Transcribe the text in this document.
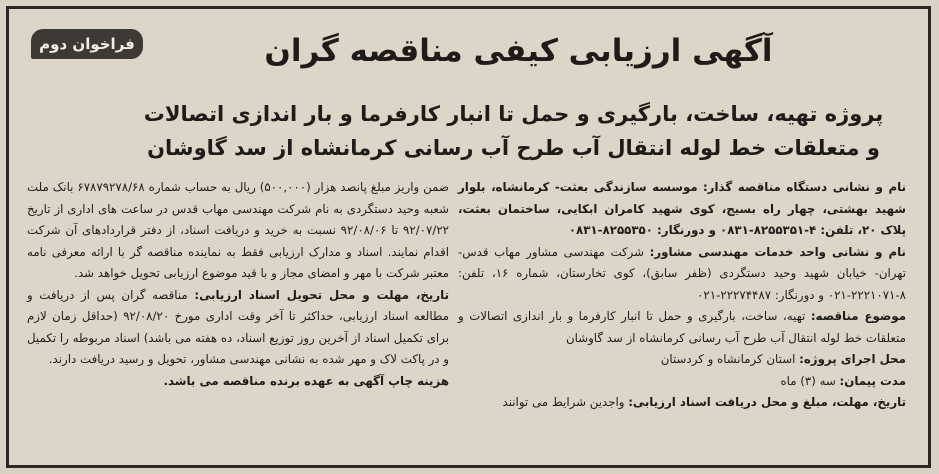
فراخوان دوم	آگهی ارزیابی کیفی مناقصه گران
پروژه تهیه، ساخت، بارگیری و حمل تا انبار کارفرما و بار اندازی اتصالات
و متعلقات خط لوله انتقال آب طرح آب رسانی کرمانشاه از سد گاوشان

نام و نشانی دستگاه مناقصه گذار: موسسه سازندگی بعثت- کرمانشاه، بلوار شهید بهشتی، چهار راه بسیج، کوی شهید کامران ابکایی، ساختمان بعثت، پلاک ۲۰، تلفن: ۴-۸۲۵۵۳۵۱-۰۸۳۱ و دورنگار: ۸۲۵۵۳۵۰-۰۸۳۱

نام و نشانی واحد خدمات مهندسی مشاور: شرکت مهندسی مشاور مهاب قدس- تهران- خیابان شهید وحید دستگردی (ظفر سابق)، کوی تخارستان، شماره ۱۶، تلفن: ۸-۲۲۲۱۰۷۱-۰۲۱ و دورنگار: ۲۲۲۷۴۴۸۷-۰۲۱

موضوع مناقصه: تهیه، ساخت، بارگیری و حمل تا انبار کارفرما و بار اندازی اتصالات و متعلقات خط لوله انتقال آب طرح آب رسانی کرمانشاه از سد گاوشان

محل اجرای پروژه: استان کرمانشاه و کردستان

مدت پیمان: سه (۳) ماه

تاریخ، مهلت، مبلغ و محل دریافت اسناد ارزیابی: واجدین شرایط می توانند

ضمن واریز مبلغ پانصد هزار (۵۰۰,۰۰۰) ریال به حساب شماره ۶۷۸۷۹۲۷۸/۶۸ بانک ملت شعبه وحید دستگردی به نام شرکت مهندسی مهاب قدس در ساعت های اداری از تاریخ ۹۲/۰۷/۲۲ تا ۹۲/۰۸/۰۶ نسبت به خرید و دریافت اسناد، از دفتر قراردادهای آن شرکت اقدام نمایند. اسناد و مدارک ارزیابی فقط به نماینده مناقصه گر با ارائه معرفی نامه معتبر شرکت با مهر و امضای مجاز و با قید موضوع ارزیابی تحویل خواهد شد.

تاریخ، مهلت و محل تحویل اسناد ارزیابی: مناقصه گران پس از دریافت و مطالعه اسناد ارزیابی، حداکثر تا آخر وقت اداری مورخ ۹۲/۰۸/۲۰ (حداقل زمان لازم برای تکمیل اسناد از آخرین روز توزیع اسناد، ده هفته می باشد) اسناد مربوطه را تکمیل و در پاکت لاک و مهر شده به نشانی مهندسی مشاور، تحویل و رسید دریافت دارند.

هزینه چاپ آگهی به عهده برنده مناقصه می باشد.
